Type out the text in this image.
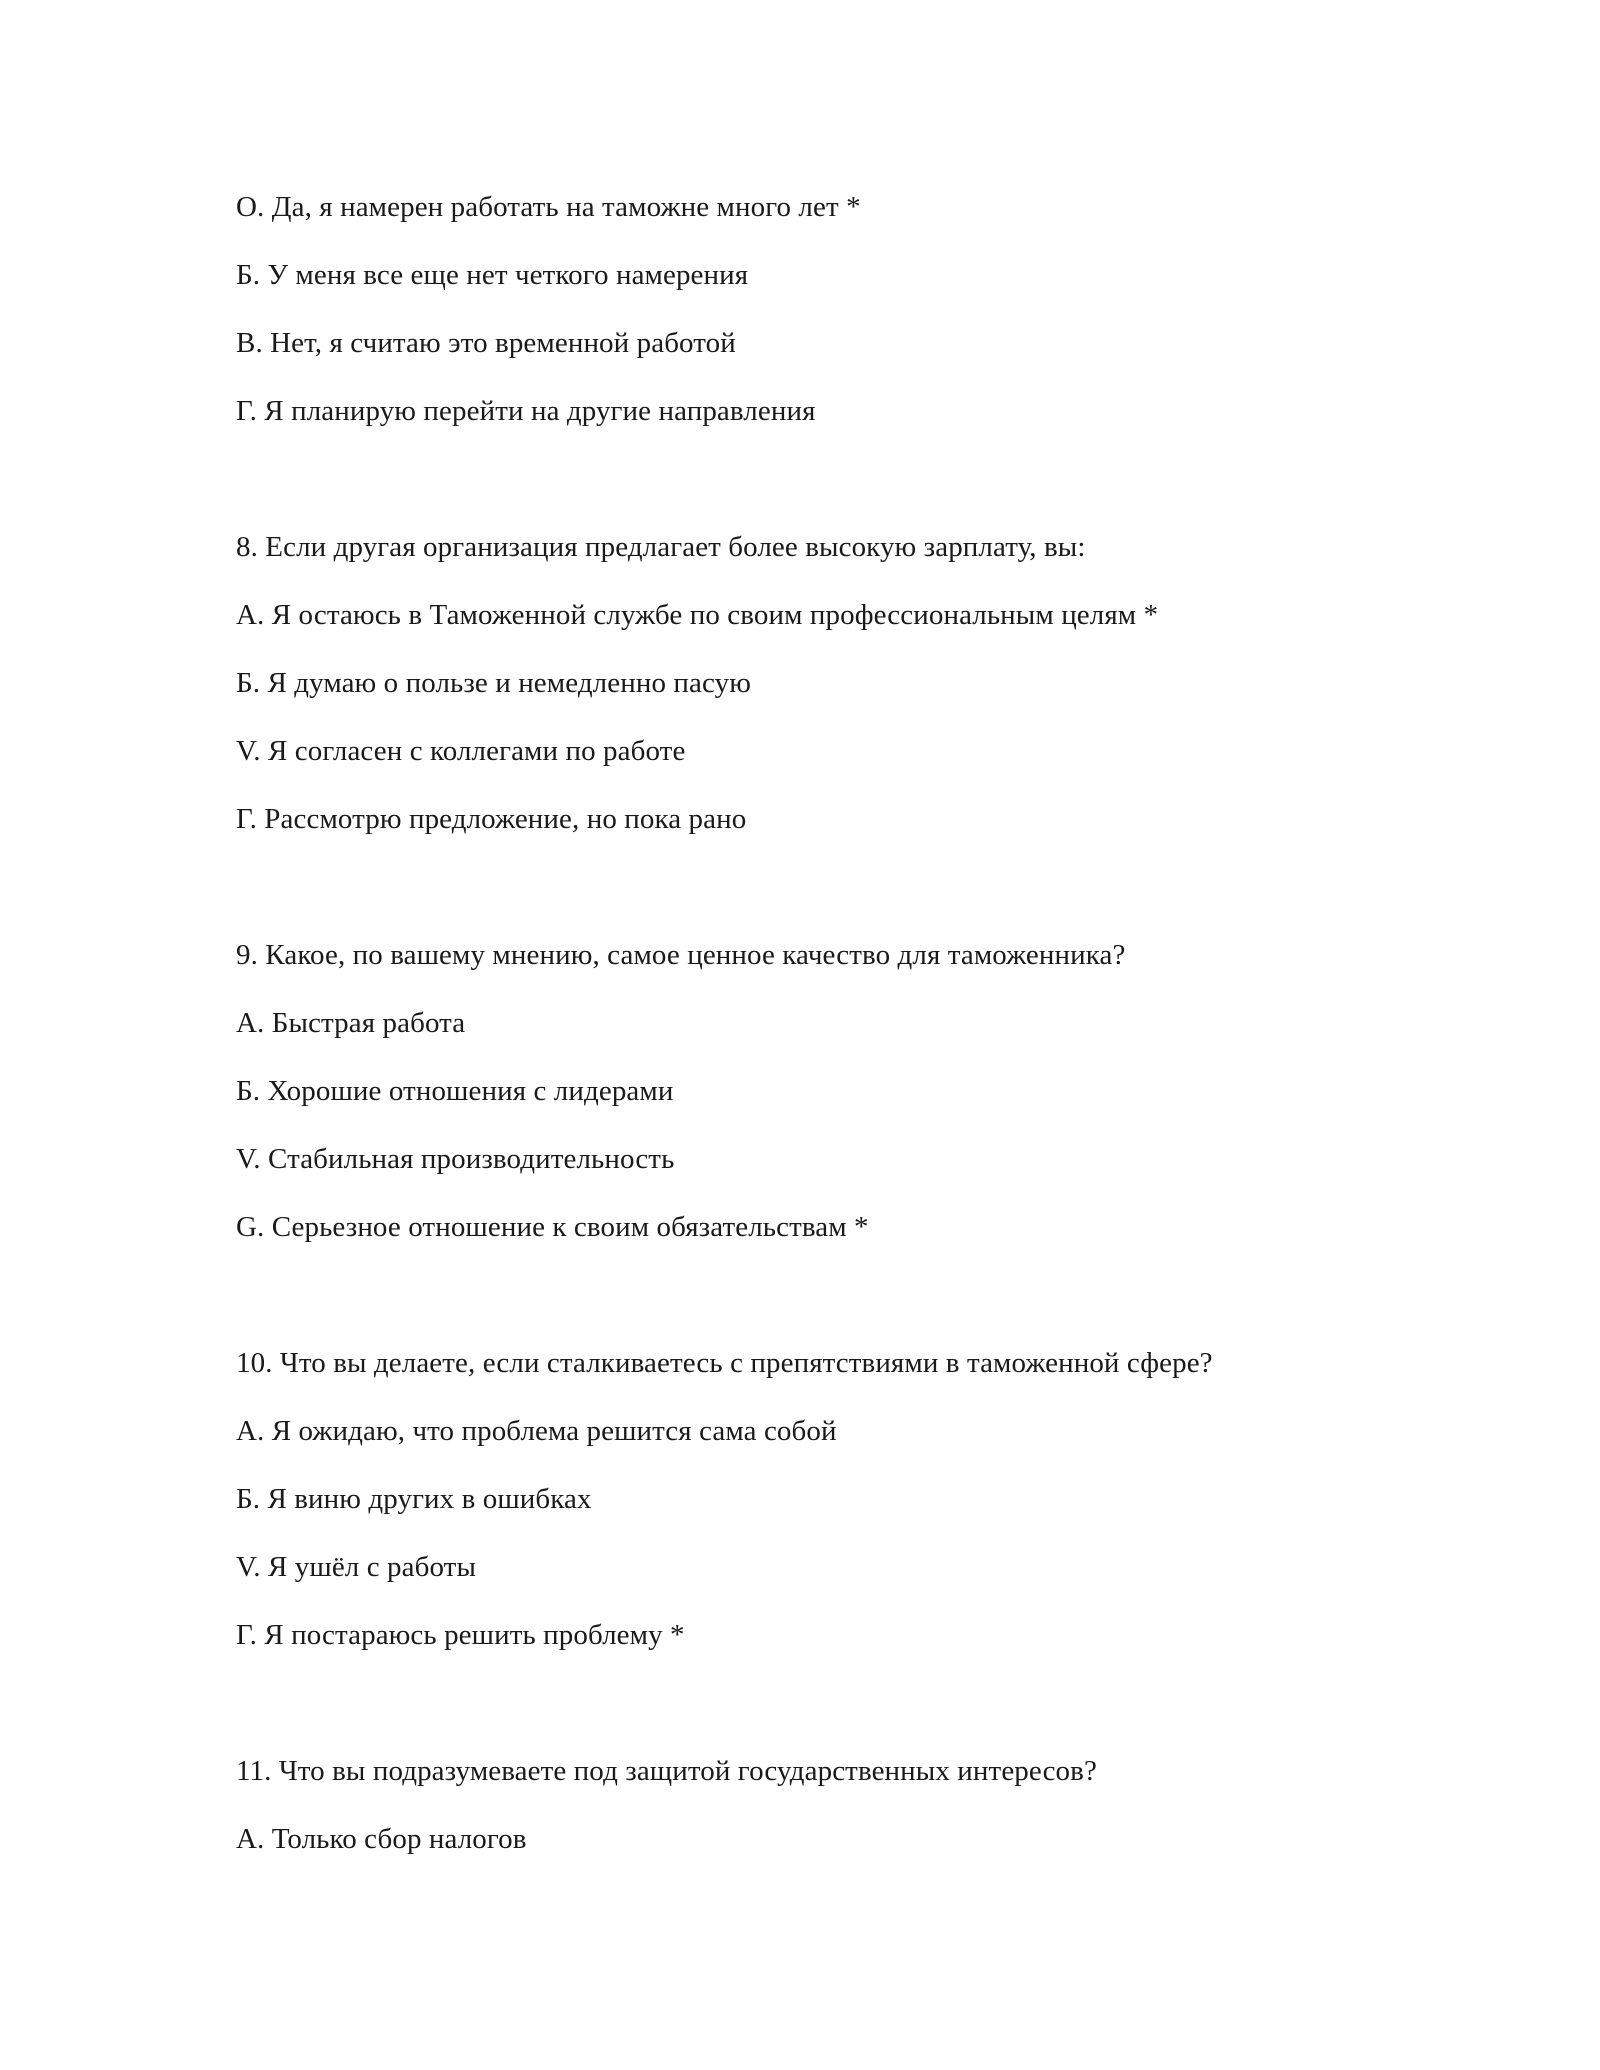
О. Да, я намерен работать на таможне много лет *
Б. У меня все еще нет четкого намерения
В. Нет, я считаю это временной работой
Г. Я планирую перейти на другие направления
8. Если другая организация предлагает более высокую зарплату, вы:
А. Я остаюсь в Таможенной службе по своим профессиональным целям *
Б. Я думаю о пользе и немедленно пасую
V. Я согласен с коллегами по работе
Г. Рассмотрю предложение, но пока рано
9. Какое, по вашему мнению, самое ценное качество для таможенника?
А. Быстрая работа
Б. Хорошие отношения с лидерами
V. Стабильная производительность
G. Серьезное отношение к своим обязательствам *
10. Что вы делаете, если сталкиваетесь с препятствиями в таможенной сфере?
А. Я ожидаю, что проблема решится сама собой
Б. Я виню других в ошибках
V. Я ушёл с работы
Г. Я постараюсь решить проблему *
11. Что вы подразумеваете под защитой государственных интересов?
А. Только сбор налогов
